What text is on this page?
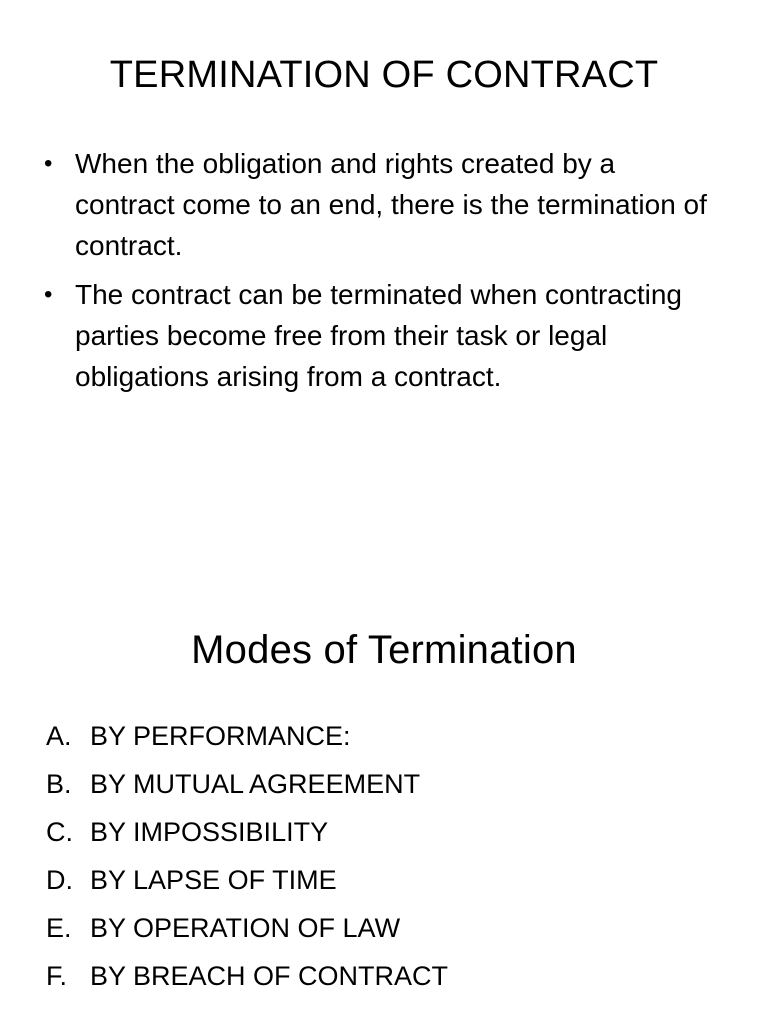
TERMINATION OF CONTRACT
• When the obligation and rights created by a contract come to an end, there is the termination of contract.
• The contract can be terminated when contracting parties become free from their task or legal obligations arising from a contract.
Modes of Termination
A. BY PERFORMANCE:
B. BY MUTUAL AGREEMENT
C. BY IMPOSSIBILITY
D. BY LAPSE OF TIME
E. BY OPERATION OF LAW
F. BY BREACH OF CONTRACT
